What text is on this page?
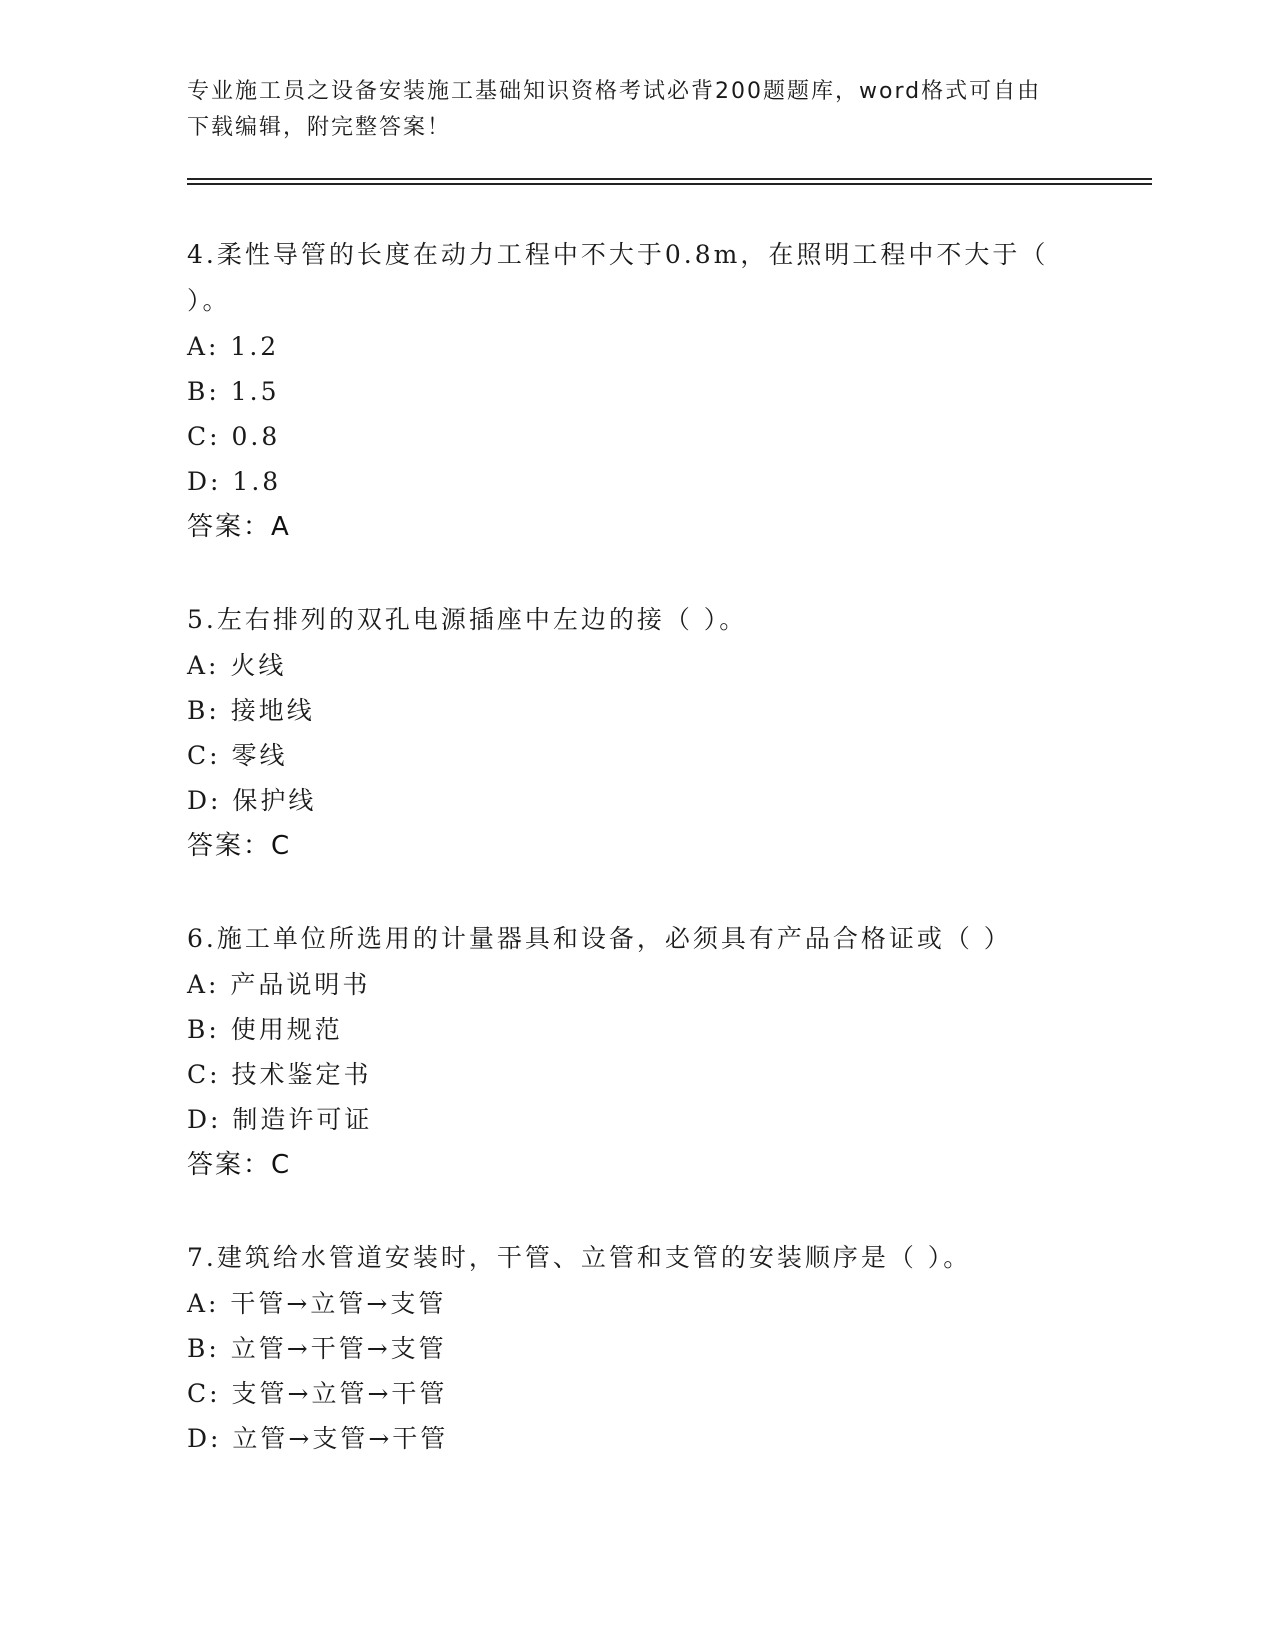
专业施工员之设备安装施工基础知识资格考试必背200题题库，word格式可自由
下载编辑，附完整答案！

4.柔性导管的长度在动力工程中不大于0.8m，在照明工程中不大于（

）。

A: 1.2

B: 1.5

C: 0.8

D: 1.8

答案：A

5.左右排列的双孔电源插座中左边的接（ ）。

A: 火线

B: 接地线

C: 零线

D: 保护线

答案：C

6.施工单位所选用的计量器具和设备，必须具有产品合格证或（ ）

A: 产品说明书

B: 使用规范

C: 技术鉴定书

D: 制造许可证

答案：C

7.建筑给水管道安装时，干管、立管和支管的安装顺序是（ ）。

A: 干管→立管→支管

B: 立管→干管→支管

C: 支管→立管→干管

D: 立管→支管→干管
